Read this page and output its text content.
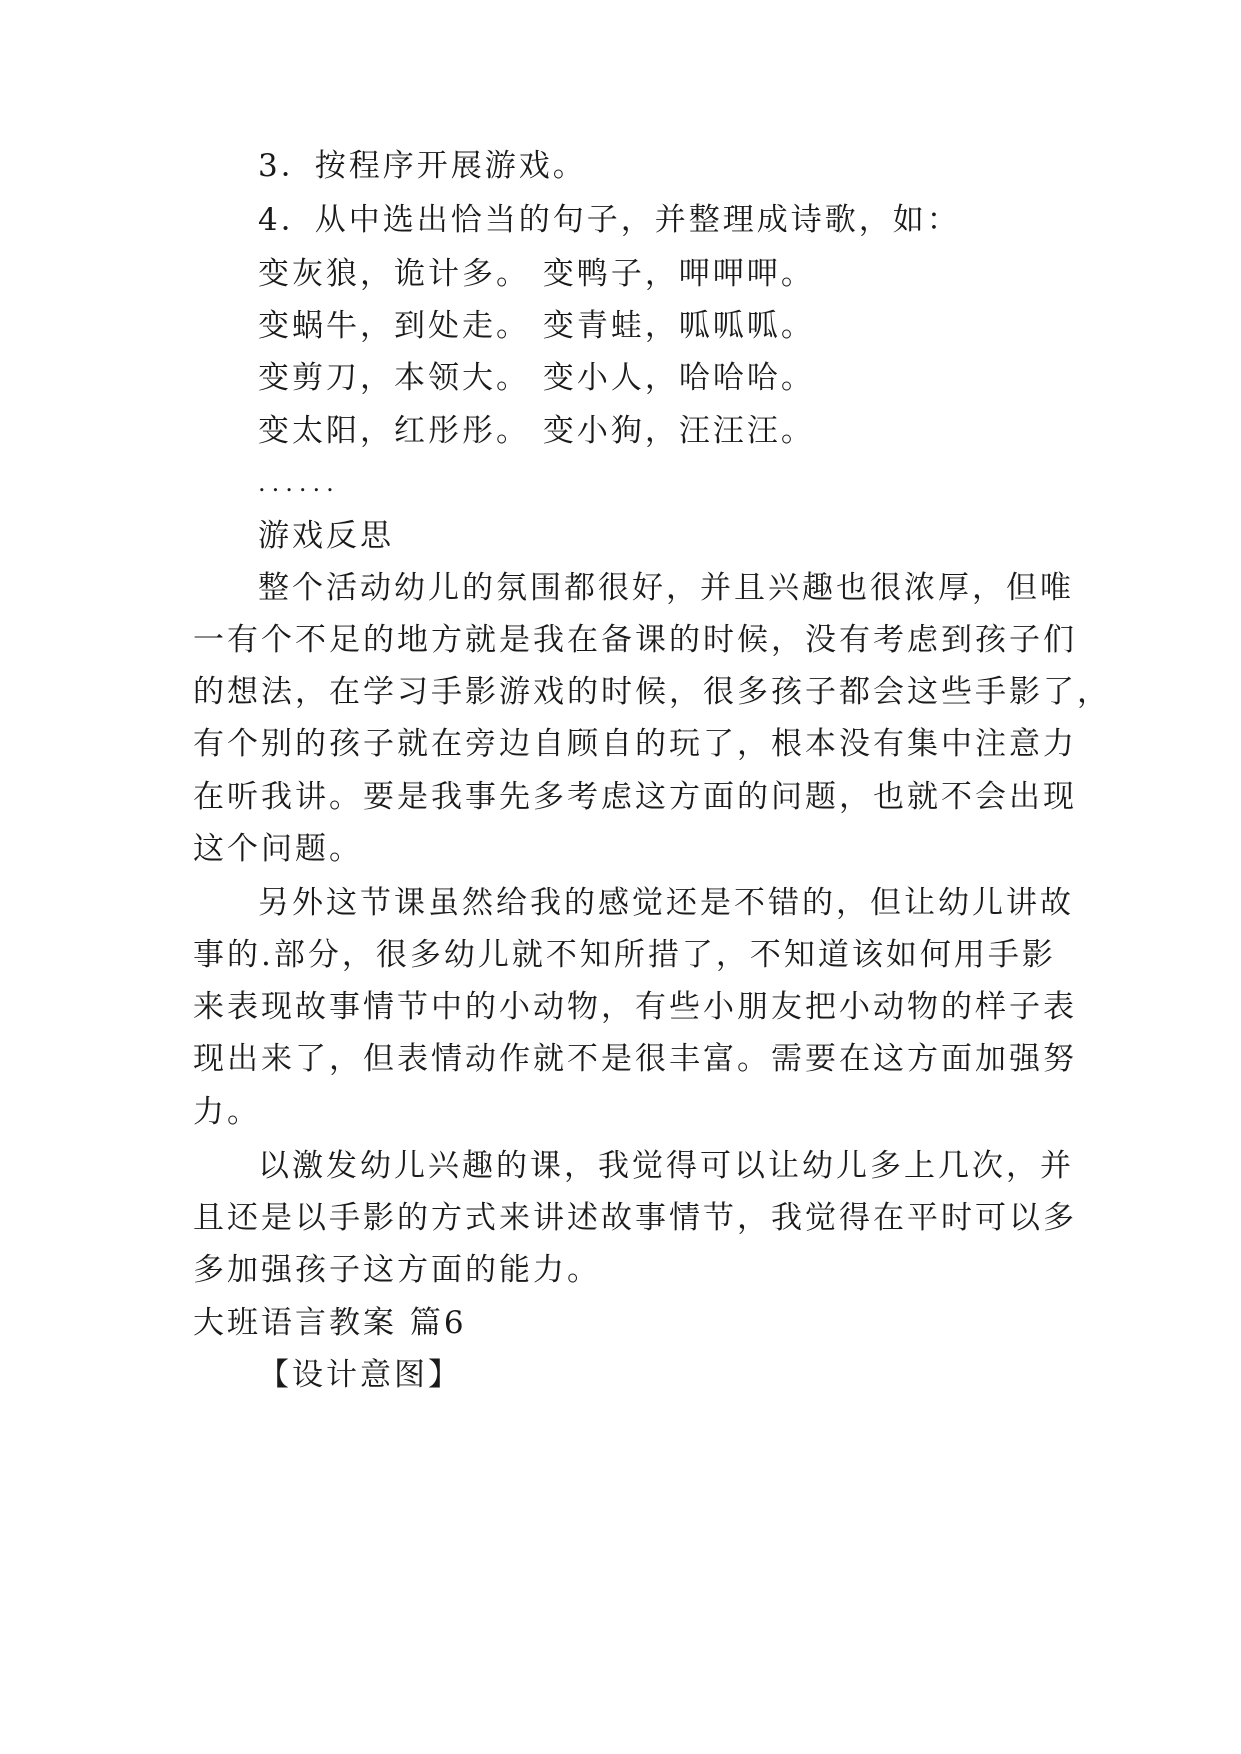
3．按程序开展游戏。
4．从中选出恰当的句子，并整理成诗歌，如：
变灰狼，诡计多。 变鸭子，呷呷呷。
变蜗牛，到处走。 变青蛙，呱呱呱。
变剪刀，本领大。 变小人，哈哈哈。
变太阳，红彤彤。 变小狗，汪汪汪。
......
游戏反思
整个活动幼儿的氛围都很好，并且兴趣也很浓厚，但唯
一有个不足的地方就是我在备课的时候，没有考虑到孩子们
的想法，在学习手影游戏的时候，很多孩子都会这些手影了，
有个别的孩子就在旁边自顾自的玩了，根本没有集中注意力
在听我讲。要是我事先多考虑这方面的问题，也就不会出现
这个问题。
另外这节课虽然给我的感觉还是不错的，但让幼儿讲故
事的.部分，很多幼儿就不知所措了，不知道该如何用手影
来表现故事情节中的小动物，有些小朋友把小动物的样子表
现出来了，但表情动作就不是很丰富。需要在这方面加强努
力。
以激发幼儿兴趣的课，我觉得可以让幼儿多上几次，并
且还是以手影的方式来讲述故事情节，我觉得在平时可以多
多加强孩子这方面的能力。
大班语言教案 篇6
【设计意图】
